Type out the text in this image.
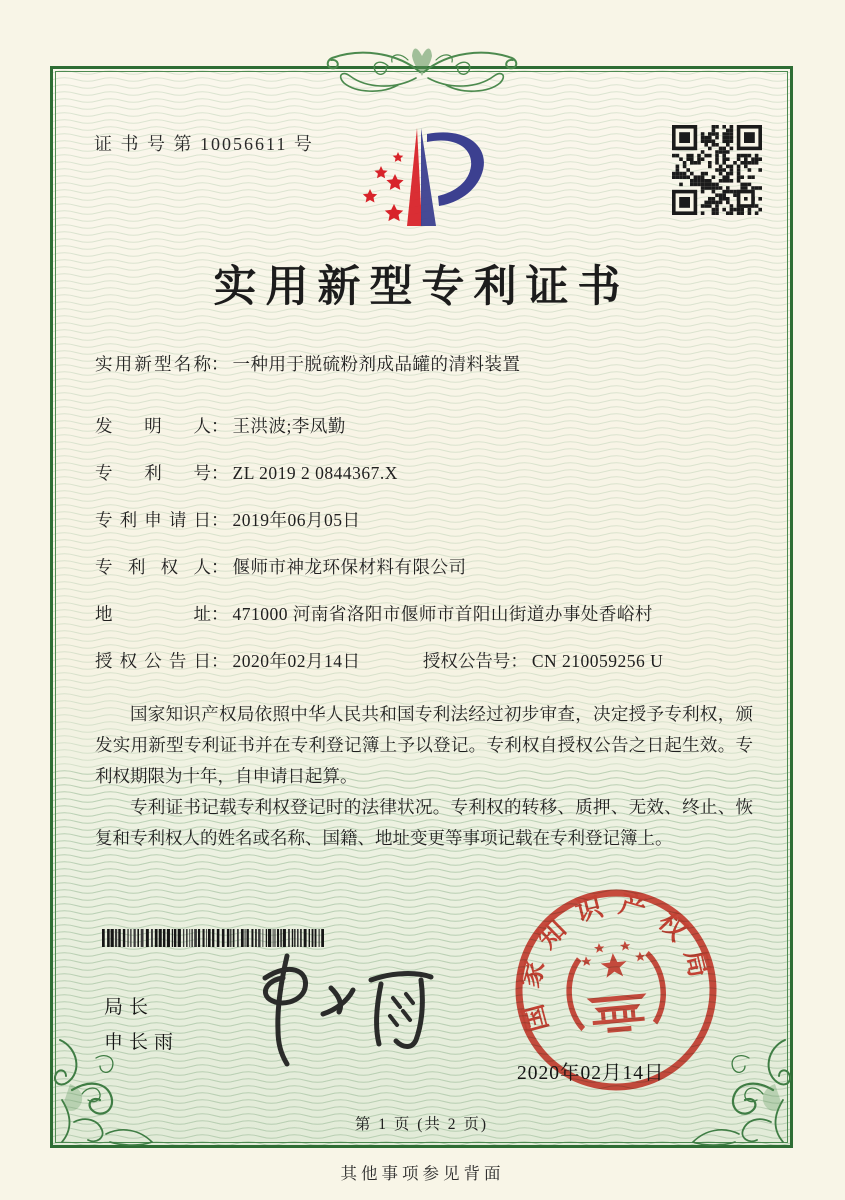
证 书 号 第 10056611 号
实用新型专利证书
实用新型名称： 一种用于脱硫粉剂成品罐的清料装置
发明人： 王洪波;李凤勤
专利号： ZL 2019 2 0844367.X
专利申请日： 2019年06月05日
专利权人： 偃师市神龙环保材料有限公司
地址： 471000 河南省洛阳市偃师市首阳山街道办事处香峪村
授权公告日： 2020年02月14日	授权公告号： CN 210059256 U

国家知识产权局依照中华人民共和国专利法经过初步审查，决定授予专利权，颁发实用新型专利证书并在专利登记簿上予以登记。专利权自授权公告之日起生效。专利权期限为十年，自申请日起算。

专利证书记载专利权登记时的法律状况。专利权的转移、质押、无效、终止、恢复和专利权人的姓名或名称、国籍、地址变更等事项记载在专利登记簿上。

局长
申长雨
国家知识产权局
2020年02月14日
第 1 页 (共 2 页)
其他事项参见背面
